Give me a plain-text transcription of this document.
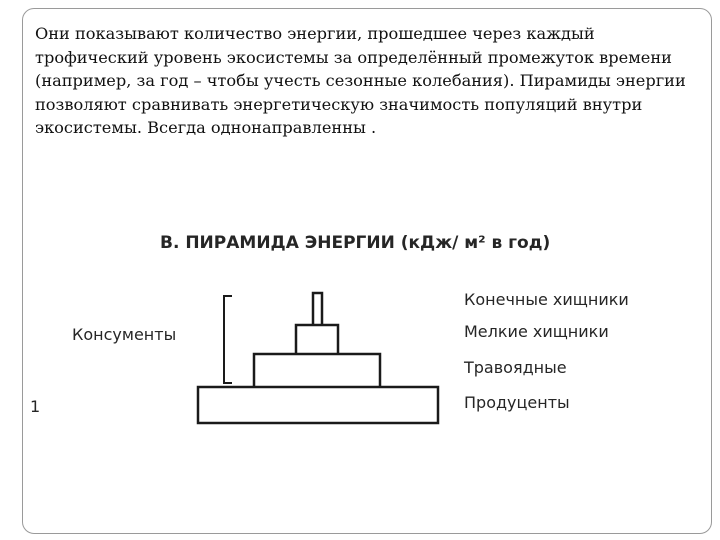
Они показывают количество энергии, прошедшее через каждый трофический уровень экосистемы за определённый промежуток времени (например, за год – чтобы учесть сезонные колебания). Пирамиды энергии позволяют сравнивать энергетическую значимость популяций внутри экосистемы. Всегда однонаправленны .

В. ПИРАМИДА ЭНЕРГИИ (кДж/ м² в год)
Консументы
1
Конечные хищники
Мелкие хищники
Травоядные
Продуценты
